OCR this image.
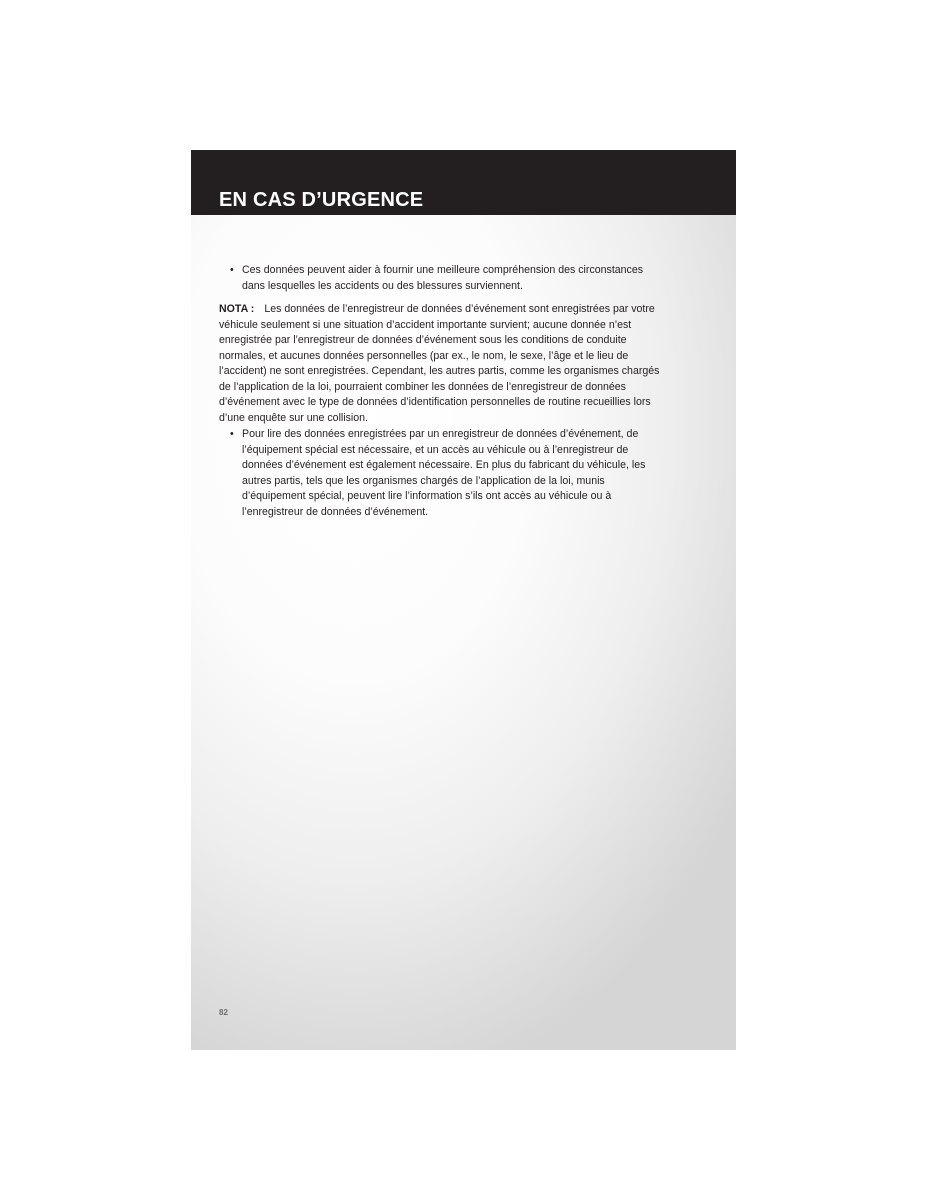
EN CAS D’URGENCE
• Ces données peuvent aider à fournir une meilleure compréhension des circonstances
dans lesquelles les accidents ou des blessures surviennent.
NOTA : Les données de l’enregistreur de données d’événement sont enregistrées par votre
véhicule seulement si une situation d’accident importante survient; aucune donnée n’est
enregistrée par l’enregistreur de données d’événement sous les conditions de conduite
normales, et aucunes données personnelles (par ex., le nom, le sexe, l’âge et le lieu de
l’accident) ne sont enregistrées. Cependant, les autres partis, comme les organismes chargés
de l’application de la loi, pourraient combiner les données de l’enregistreur de données
d’événement avec le type de données d’identification personnelles de routine recueillies lors
d’une enquête sur une collision.
• Pour lire des données enregistrées par un enregistreur de données d’événement, de
l’équipement spécial est nécessaire, et un accès au véhicule ou à l’enregistreur de
données d’événement est également nécessaire. En plus du fabricant du véhicule, les
autres partis, tels que les organismes chargés de l’application de la loi, munis
d’équipement spécial, peuvent lire l’information s’ils ont accès au véhicule ou à
l’enregistreur de données d’événement.
82
